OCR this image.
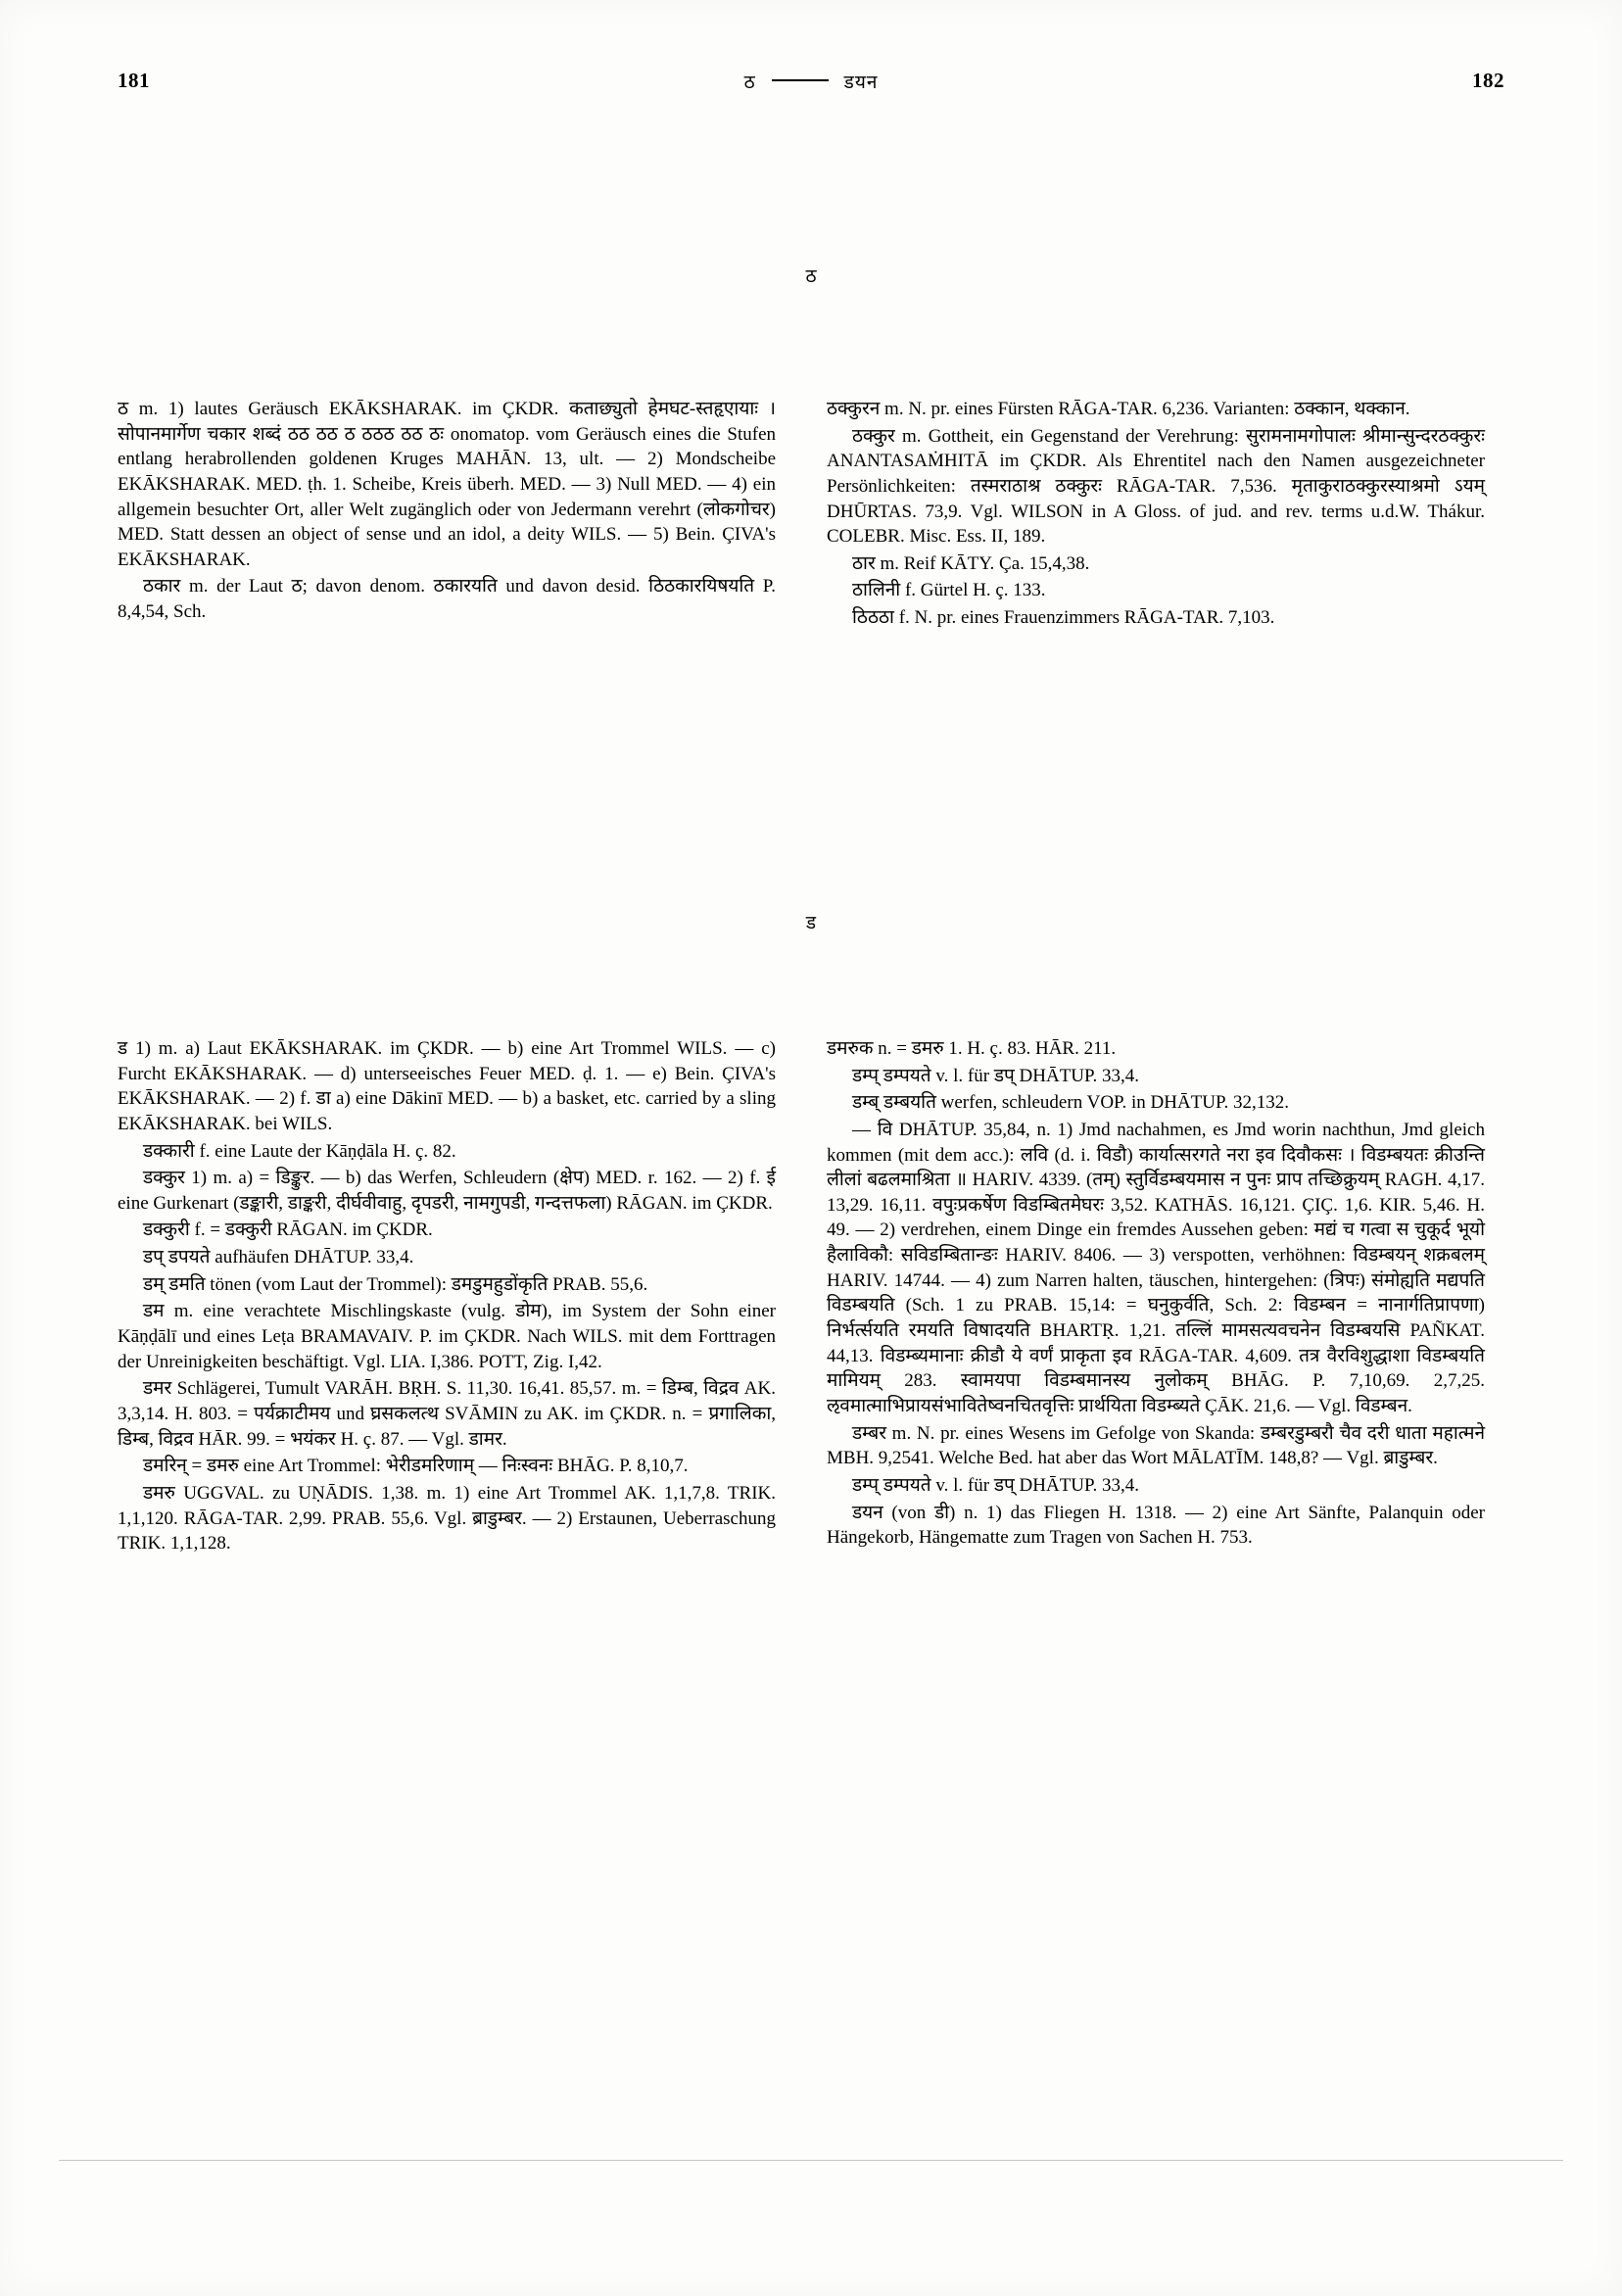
181	ठ	डयन	182
ठ

ठ m. 1) lautes Geräusch EKĀKSHARAK. im ÇKDR. कताछ्युतो हेमघट-स्तहृएायाः । सोपानमार्गेण चकार शब्दं ठठ ठठ ठ ठठठ ठठ ठः onomatop. vom Geräusch eines die Stufen entlang herabrollenden goldenen Kruges MAHĀN. 13, ult. — 2) Mondscheibe EKĀKSHARAK. MED. ṭh. 1. Scheibe, Kreis überh. MED. — 3) Null MED. — 4) ein allgemein besuchter Ort, aller Welt zugänglich oder von Jedermann verehrt (लोकगोचर) MED. Statt dessen an object of sense und an idol, a deity WILS. — 5) Bein. ÇIVA's EKĀKSHARAK.

ठकार m. der Laut ठ; davon denom. ठकारयति und davon desid. ठिठकारयिषयति P. 8,4,54, Sch.

ठक्कुरन m. N. pr. eines Fürsten RĀGA-TAR. 6,236. Varianten: ठक्कान, थक्कान.

ठक्कुर m. Gottheit, ein Gegenstand der Verehrung: सुरामनामगोपालः श्रीमान्सुन्दरठक्कुरः ANANTASAṀHITĀ im ÇKDR. Als Ehrentitel nach den Namen ausgezeichneter Persönlichkeiten: तस्मराठाश्र ठक्कुरः RĀGA-TAR. 7,536. मृताकुराठक्कुरस्याश्रमो ऽयम् DHŪRTAS. 73,9. Vgl. WILSON in A Gloss. of jud. and rev. terms u.d.W. Thákur. COLEBR. Misc. Ess. II, 189.

ठार m. Reif KĀTY. Ça. 15,4,38.

ठालिनी f. Gürtel H. ç. 133.

ठिठठा f. N. pr. eines Frauenzimmers RĀGA-TAR. 7,103.

ड

ड 1) m. a) Laut EKĀKSHARAK. im ÇKDR. — b) eine Art Trommel WILS. — c) Furcht EKĀKSHARAK. — d) unterseeisches Feuer MED. ḍ. 1. — e) Bein. ÇIVA's EKĀKSHARAK. — 2) f. डा a) eine Dākinī MED. — b) a basket, etc. carried by a sling EKĀKSHARAK. bei WILS.

डक्कारी f. eine Laute der Kāṇḍāla H. ç. 82.

डक्कुर 1) m. a) = डिङ्कुर. — b) das Werfen, Schleudern (क्षेप) MED. r. 162. — 2) f. ई eine Gurkenart (डङ्कारी, डाङ्करी, दीर्घवीवाहु, दृपडरी, नामगुपडी, गन्दत्तफला) RĀGAN. im ÇKDR.

डक्कुरी f. = डक्कुरी RĀGAN. im ÇKDR.

डप् डपयते aufhäufen DHĀTUP. 33,4.

डम् डमति tönen (vom Laut der Trommel): डमडुमहुडोंकृति PRAB. 55,6.

डम m. eine verachtete Mischlingskaste (vulg. डोम), im System der Sohn einer Kāṇḍālī und eines Leṭa BRAMAVAIV. P. im ÇKDR. Nach WILS. mit dem Forttragen der Unreinigkeiten beschäftigt. Vgl. LIA. I,386. POTT, Zig. I,42.

डमर Schlägerei, Tumult VARĀH. BṚH. S. 11,30. 16,41. 85,57. m. = डिम्ब, विद्रव AK. 3,3,14. H. 803. = पर्यक्राटीमय und घ्रसकलत्थ SVĀMIN zu AK. im ÇKDR. n. = प्रगालिका, डिम्ब, विद्रव HĀR. 99. = भयंकर H. ç. 87. — Vgl. डामर.

डमरिन् = डमरु eine Art Trommel: भेरीडमरिणाम् — निःस्वनः BHĀG. P. 8,10,7.

डमरु UGGVAL. zu UṆĀDIS. 1,38. m. 1) eine Art Trommel AK. 1,1,7,8. TRIK. 1,1,120. RĀGA-TAR. 2,99. PRAB. 55,6. Vgl. ब्राडुम्बर. — 2) Erstaunen, Ueberraschung TRIK. 1,1,128.

डमरुक n. = डमरु 1. H. ç. 83. HĀR. 211.

डम्प् डम्पयते v. l. für डप् DHĀTUP. 33,4.

डम्ब् डम्बयति werfen, schleudern VOP. in DHĀTUP. 32,132.

— वि DHĀTUP. 35,84, n. 1) Jmd nachahmen, es Jmd worin nachthun, Jmd gleich kommen (mit dem acc.): लवि (d. i. विडौ) कार्यात्सरगते नरा इव दिवौकसः । विडम्बयतः क्रीउन्ति लीलां बढलमाश्रिता ॥ HARIV. 4339. (तम्) स्तुर्विडम्बयमास न पुनः प्राप तच्छिक्रुयम् RAGH. 4,17. 13,29. 16,11. वपुःप्रकर्षेण विडम्बितमेघरः 3,52. KATHĀS. 16,121. ÇIÇ. 1,6. KIR. 5,46. H. 49. — 2) verdrehen, einem Dinge ein fremdes Aussehen geben: मद्यं च गत्वा स चुकूर्द भूयो हैलाविकौ: सविडम्बितान्ङः HARIV. 8406. — 3) verspotten, verhöhnen: विडम्बयन् शक्रबलम् HARIV. 14744. — 4) zum Narren halten, täuschen, hintergehen: (त्रिपः) संमोह्यति मद्यपति विडम्बयति (Sch. 1 zu PRAB. 15,14: = घनुकुर्वति, Sch. 2: विडम्बन = नानार्गतिप्रापणा) निर्भर्त्सयति रमयति विषादयति BHARTṚ. 1,21. तल्लिं मामसत्यवचनेन विडम्बयसि PAÑKAT. 44,13. विडम्ब्यमानाः क्रीडौ ये वर्णं प्राकृता इव RĀGA-TAR. 4,609. तत्र वैरविशुद्धाशा विडम्बयति मामियम् 283. स्वामयपा विडम्बमानस्य नुलोकम् BHĀG. P. 7,10,69. 2,7,25. ऌवमात्माभिप्रायसंभावितेष्वनचितवृत्तिः प्रार्थयिता विडम्ब्यते ÇĀK. 21,6. — Vgl. विडम्बन.

डम्बर m. N. pr. eines Wesens im Gefolge von Skanda: डम्बरडुम्बरौ चैव दरी धाता महात्मने MBH. 9,2541. Welche Bed. hat aber das Wort MĀLATĪM. 148,8? — Vgl. ब्राडुम्बर.

डम्प् डम्पयते v. l. für डप् DHĀTUP. 33,4.

डयन (von डी) n. 1) das Fliegen H. 1318. — 2) eine Art Sänfte, Palanquin oder Hängekorb, Hängematte zum Tragen von Sachen H. 753.
